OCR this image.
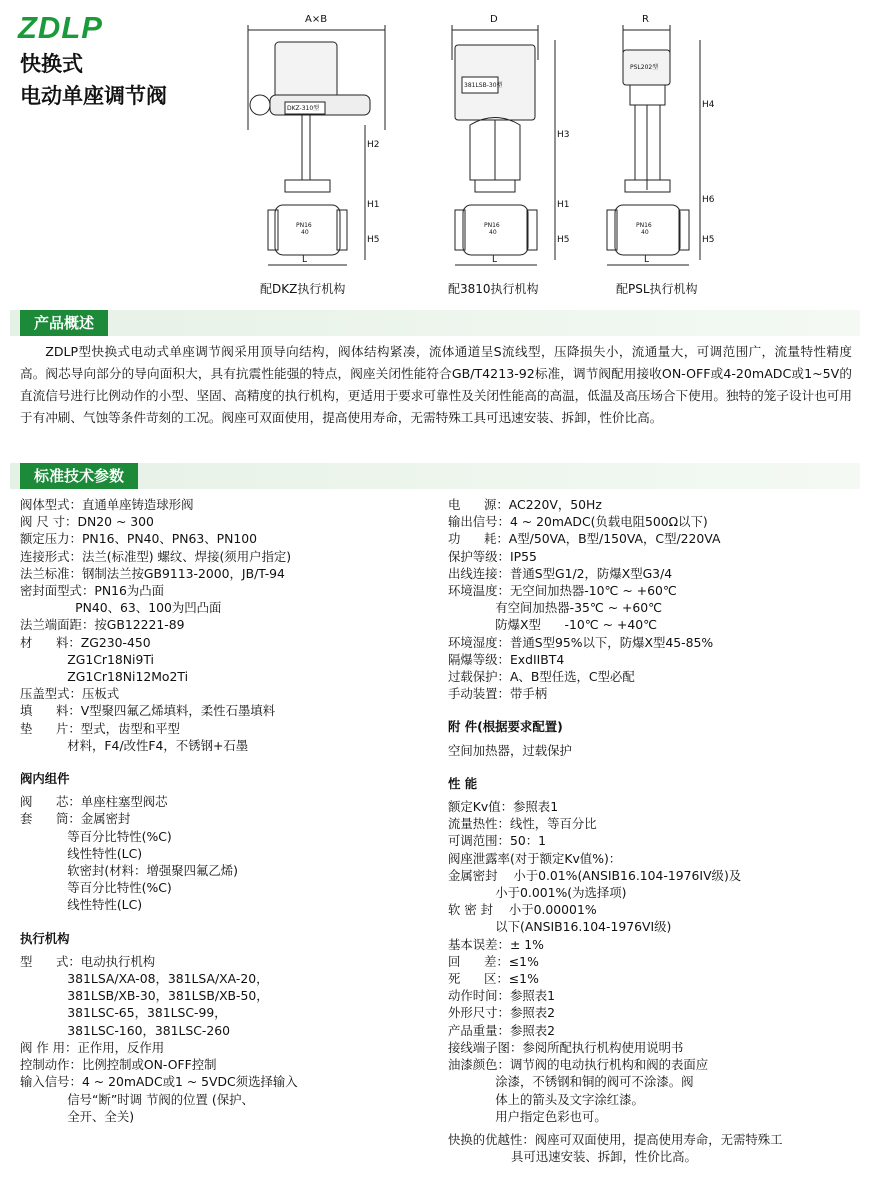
ZDLP
快换式
电动单座调节阀
A×B
DKZ-310型
H2
H1
H5
L
PN16
40
配DKZ执行机构
D
381LSB-30型
H3
H1
H5
L
PN16
40
配3810执行机构
R
PSL202型
H4
H6
H5
L
PN16
40
配PSL执行机构
产品概述
ZDLP型快换式电动式单座调节阀采用顶导向结构，阀体结构紧凑，流体通道呈S流线型，压降损失小，流通量大，可调范围广，流量特性精度高。阀芯导向部分的导向面积大，具有抗震性能强的特点，阀座关闭性能符合GB/T4213-92标准，调节阀配用接收ON-OFF或4-20mADC或1~5V的直流信号进行比例动作的小型、坚固、高精度的执行机构，更适用于要求可靠性及关闭性能高的高温，低温及高压场合下使用。独特的笼子设计也可用于有冲刷、气蚀等条件苛刻的工况。阀座可双面使用，提高使用寿命，无需特殊工具可迅速安装、拆卸，性价比高。
标准技术参数
阀体型式：直通单座铸造球形阀
阀 尺 寸：DN20 ~ 300
额定压力：PN16、PN40、PN63、PN100
连接形式：法兰(标准型) 螺纹、焊接(须用户指定)
法兰标准：钢制法兰按GB9113-2000，JB/T-94
密封面型式：PN16为凸面
PN40、63、100为凹凸面
法兰端面距：按GB12221-89
材      料：ZG230-450
ZG1Cr18Ni9Ti
ZG1Cr18Ni12Mo2Ti
压盖型式：压板式
填      料：V型聚四氟乙烯填料，柔性石墨填料
垫      片：型式，齿型和平型
材料，F4/改性F4，不锈钢+石墨
阀内组件
阀      芯：单座柱塞型阀芯
套      筒：金属密封
等百分比特性(%C)
线性特性(LC)
软密封(材料：增强聚四氟乙烯)
等百分比特性(%C)
线性特性(LC)
执行机构
型      式：电动执行机构
381LSA/XA-08，381LSA/XA-20，
381LSB/XB-30，381LSB/XB-50，
381LSC-65，381LSC-99，
381LSC-160，381LSC-260
阀 作 用：正作用，反作用
控制动作：比例控制或ON-OFF控制
输入信号：4 ~ 20mADC或1 ~ 5VDC须选择输入
信号“断”时调 节阀的位置 (保护、
全开、全关)
电      源：AC220V，50Hz
输出信号：4 ~ 20mADC(负载电阻500Ω以下)
功      耗：A型/50VA，B型/150VA，C型/220VA
保护等级：IP55
出线连接：普通S型G1/2，防爆X型G3/4
环境温度：无空间加热器-10℃ ~ +60℃
有空间加热器-35℃ ~ +60℃
防爆X型      -10℃ ~ +40℃
环境湿度：普通S型95%以下，防爆X型45-85%
隔爆等级：ExdIIBT4
过载保护：A、B型任选，C型必配
手动装置：带手柄
附 件(根据要求配置)
空间加热器，过载保护
性 能
额定Kv值：参照表1
流量热性：线性，等百分比
可调范围：50：1
阀座泄露率(对于额定Kv值%)：
金属密封    小于0.01%(ANSIB16.104-1976IV级)及
小于0.001%(为选择项)
软 密 封    小于0.00001%
以下(ANSIB16.104-1976VI级)
基本误差：± 1%
回      差：≤1%
死      区：≤1%
动作时间：参照表1
外形尺寸：参照表2
产品重量：参照表2
接线端子图：参阅所配执行机构使用说明书
油漆颜色：调节阀的电动执行机构和阀的表面应
涂漆，不锈钢和铜的阀可不涂漆。阀
体上的箭头及文字涂红漆。
用户指定色彩也可。
快换的优越性：阀座可双面使用，提高使用寿命，无需特殊工
具可迅速安装、拆卸，性价比高。
